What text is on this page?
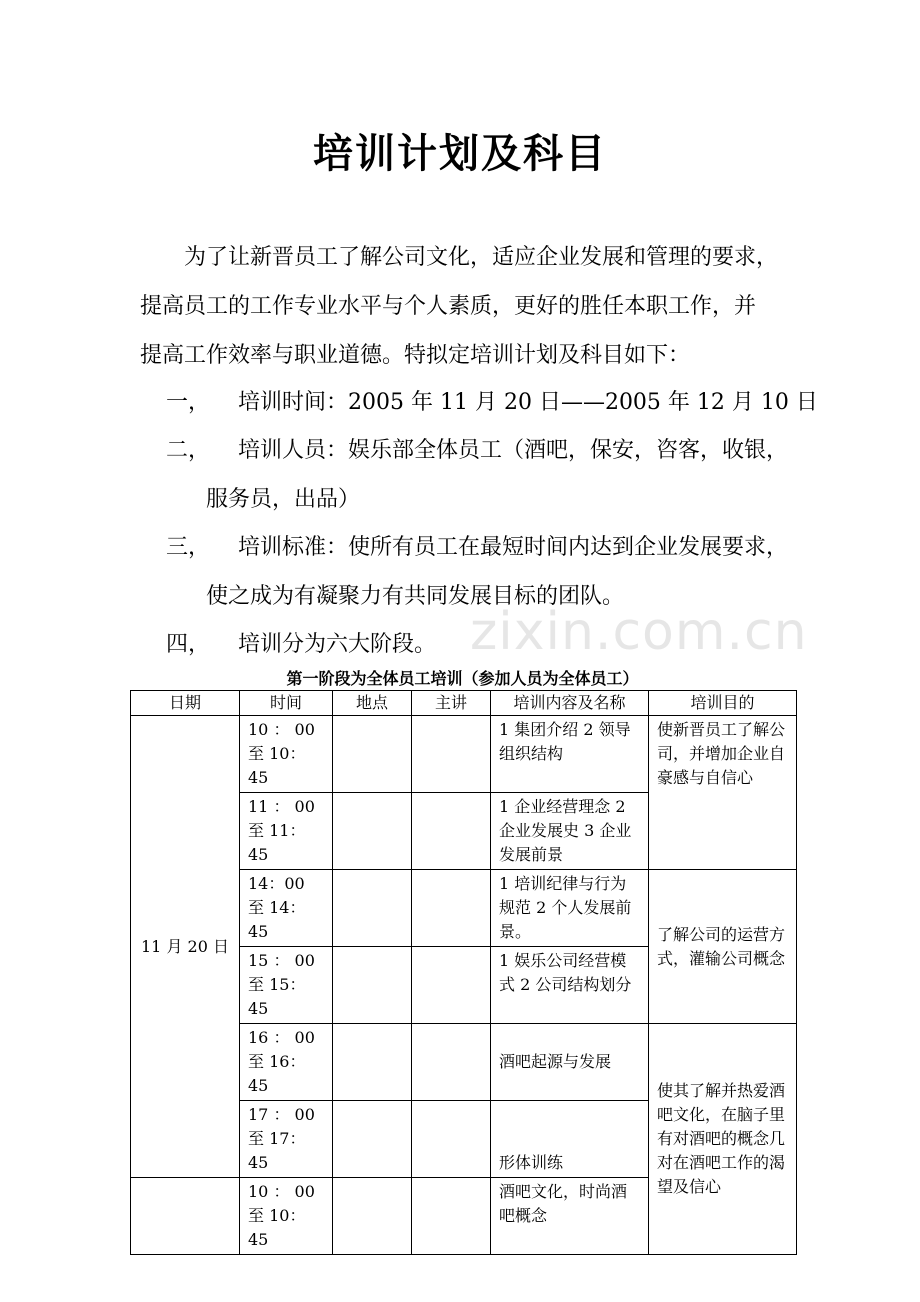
培训计划及科目
为了让新晋员工了解公司文化，适应企业发展和管理的要求，
提高员工的工作专业水平与个人素质，更好的胜任本职工作，并
提高工作效率与职业道德。特拟定培训计划及科目如下：
一，	培训时间：2005 年 11 月 20 日——2005 年 12 月 10 日
二，	培训人员：娱乐部全体员工（酒吧，保安，咨客，收银，
服务员，出品）
三，	培训标准：使所有员工在最短时间内达到企业发展要求，
使之成为有凝聚力有共同发展目标的团队。
zixin.com.cn
四，	培训分为六大阶段。
第一阶段为全体员工培训（参加人员为全体员工）
日期	时间	地点	主讲	培训内容及名称	培训目的
11 月 20 日	10 ： 00 至 10：45			1 集团介绍 2 领导组织结构	使新晋员工了解公司，并增加企业自豪感与自信心
	11 ： 00 至 11：45			1 企业经营理念 2 企业发展史 3 企业发展前景	
	14：00 至 14：45			1 培训纪律与行为规范 2 个人发展前景。	了解公司的运营方式，灌输公司概念
	15 ： 00 至 15：45			1 娱乐公司经营模式 2 公司结构划分	
	16 ： 00 至 16：45			酒吧起源与发展	使其了解并热爱酒吧文化，在脑子里有对酒吧的概念几对在酒吧工作的渴望及信心
	17 ： 00 至 17：45			形体训练	
	10 ： 00 至 10：45			酒吧文化，时尚酒吧概念	
